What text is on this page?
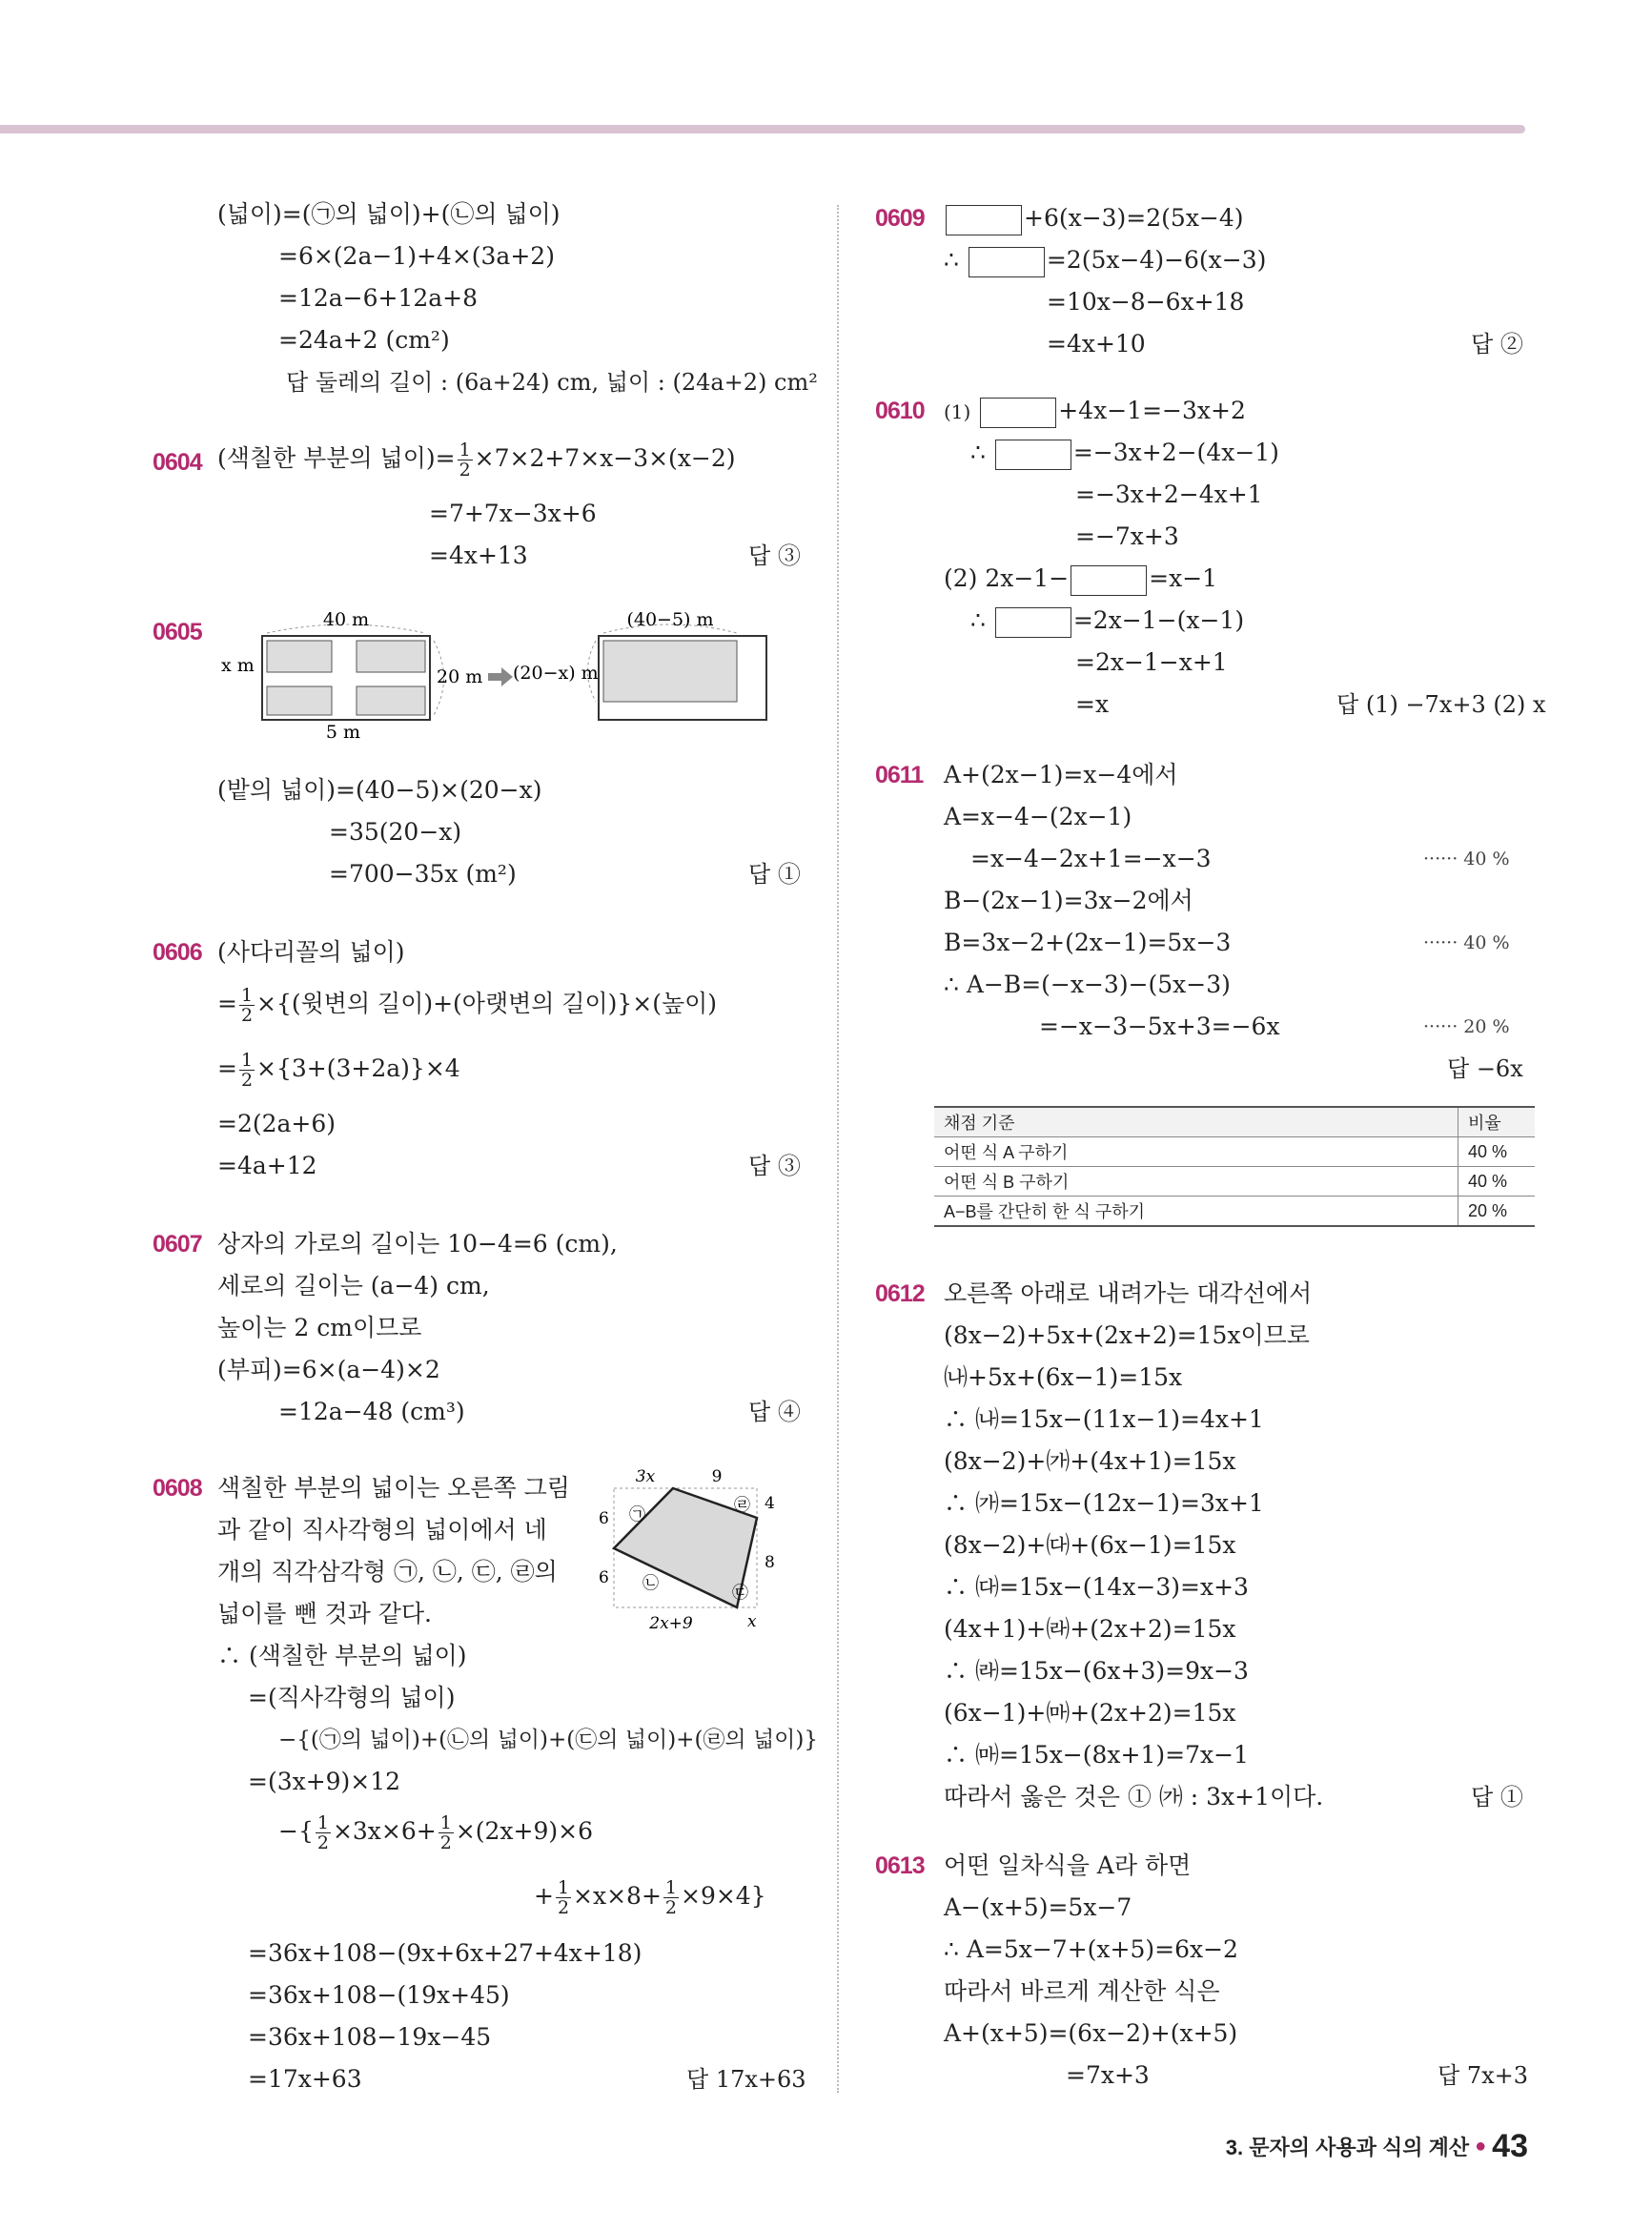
(넓이)=(㉠의 넓이)+(㉡의 넓이)
=6×(2a−1)+4×(3a+2)
=12a−6+12a+8
=24a+2 (cm²)
답 둘레의 길이 : (6a+24) cm, 넓이 : (24a+2) cm²
0604 (색칠한 부분의 넓이)= $\frac{1}{2} \times 7\times 2+7\times x-3\times(x-2)$
=7+7x−3x+6
=4x+13	답 ③
0605	40 m
x m
20 m
5 m
(40−5) m
(20−x) m
(밭의 넓이)=(40−5)×(20−x)
=35(20−x)
=700−35x (m²)	답 ①
0606 (사다리꼴의 넓이)
= $\frac{1}{2}$ ×{(윗변의 길이)+(아랫변의 길이)}×(높이)
= $\frac{1}{2} \times\{3+(3+2a)\}\times 4$
=2(2a+6)
=4a+12	답 ③
0607 상자의 가로의 길이는 10−4=6 (cm),
세로의 길이는 (a−4) cm,
높이는 2 cm이므로
(부피)=6×(a−4)×2
=12a−48 (cm³)	답 ④
0608 색칠한 부분의 넓이는 오른쪽 그림
과 같이 직사각형의 넓이에서 네
개의 직각삼각형 ㉠, ㉡, ㉢, ㉣의
넓이를 뺀 것과 같다.
3x	9
6
6
4
8
2x+9	x
㉠
㉡	㉢
㉣
∴ (색칠한 부분의 넓이)
=(직사각형의 넓이)
−{(㉠의 넓이)+(㉡의 넓이)+(㉢의 넓이)+(㉣의 넓이)}
=(3x+9)×12
−{ $\frac{1}{2} \times 3x\times 6+ \frac{1}{2} \times(2x+9)\times 6$
+ $\frac{1}{2} \times x\times 8+ \frac{1}{2} \times 9\times 4$}
=36x+108−(9x+6x+27+4x+18)
=36x+108−(19x+45)
=36x+108−19x−45
=17x+63	답 17x+63
0609	+6(x−3)=2(5x−4)
∴	=2(5x−4)−6(x−3)
=10x−8−6x+18
=4x+10	답 ②
0610 (1)	+4x−1=−3x+2
∴	=−3x+2−(4x−1)
=−3x+2−4x+1
=−7x+3
(2) 2x−1−	=x−1
∴	=2x−1−(x−1)
=2x−1−x+1
=x	답 (1) −7x+3 (2) x
0611 A+(2x−1)=x−4에서
A=x−4−(2x−1)
=x−4−2x+1=−x−3	······ 40 %
B−(2x−1)=3x−2에서
B=3x−2+(2x−1)=5x−3	······ 40 %
∴ A−B=(−x−3)−(5x−3)
=−x−3−5x+3=−6x	······ 20 %
답 −6x
채점 기준	비율
어떤 식 A 구하기	40 %
어떤 식 B 구하기	40 %
A−B를 간단히 한 식 구하기	20 %
0612 오른쪽 아래로 내려가는 대각선에서
(8x−2)+5x+(2x+2)=15x이므로
㈏+5x+(6x−1)=15x
∴ ㈏=15x−(11x−1)=4x+1
(8x−2)+㈎+(4x+1)=15x
∴ ㈎=15x−(12x−1)=3x+1
(8x−2)+㈐+(6x−1)=15x
∴ ㈐=15x−(14x−3)=x+3
(4x+1)+㈑+(2x+2)=15x
∴ ㈑=15x−(6x+3)=9x−3
(6x−1)+㈒+(2x+2)=15x
∴ ㈒=15x−(8x+1)=7x−1
따라서 옳은 것은 ① ㈎ : 3x+1이다.	답 ①
0613 어떤 일차식을 A라 하면
A−(x+5)=5x−7
∴ A=5x−7+(x+5)=6x−2
따라서 바르게 계산한 식은
A+(x+5)=(6x−2)+(x+5)
=7x+3	답 7x+3
3. 문자의 사용과 식의 계산 ● 43
